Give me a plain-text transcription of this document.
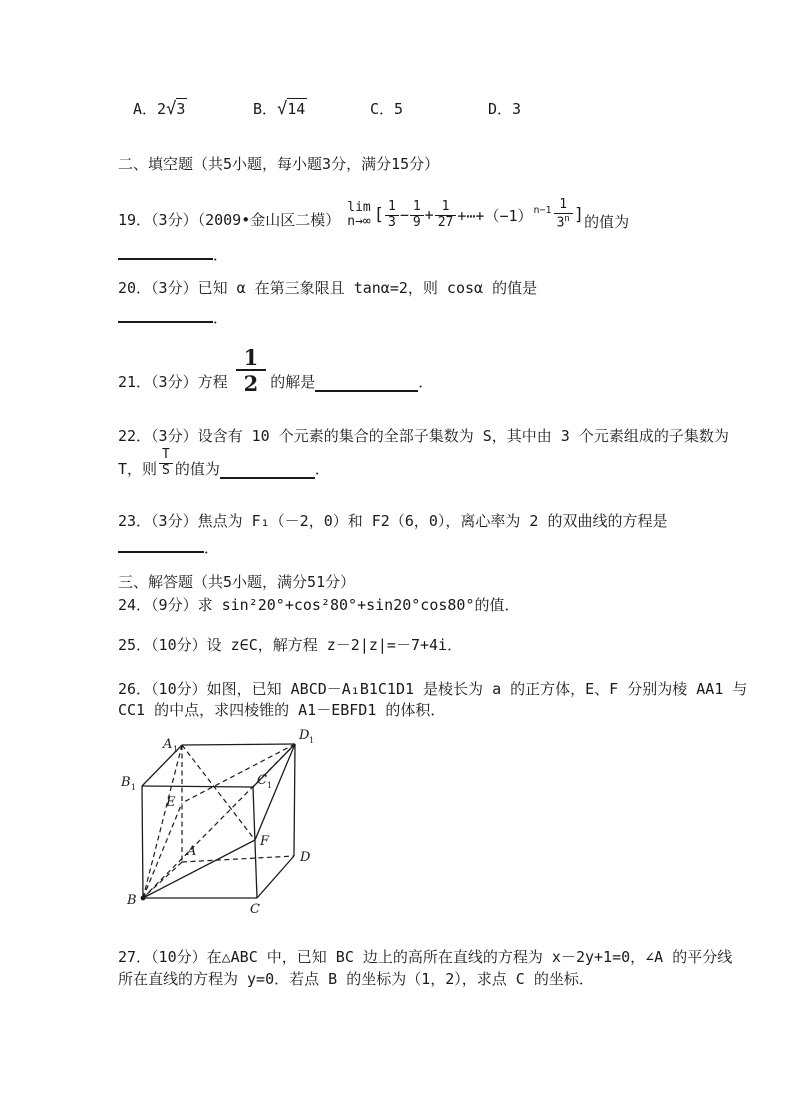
A．2√3	B．√14	C．5	D．3
二、填空题（共5小题，每小题3分，满分15分）
19．（3分）（2009•金山区二模）
lim
n→∞ [ $\frac{1}{3} - \frac{1}{9} + \frac{1}{27}$ +⋯+（−1） $n-1 \frac{1}{3^n}$ ] 的值为
．
20．（3分）已知 α 在第三象限且 tanα=2，则 cosα 的值是
．
21．（3分）方程 $\frac{1}{2}$ 的解是	．
22．（3分）设含有 10 个元素的集合的全部子集数为 S，其中由 3 个元素组成的子集数为
T，则 $\frac{T}{S}$ 的值为	．
23．（3分）焦点为 F₁（－2，0）和 F2（6，0），离心率为 2 的双曲线的方程是
．
三、解答题（共5小题，满分51分）
24．（9分）求 sin²20°+cos²80°+sin20°cos80°的值．
25．（10分）设 z∈C，解方程 z－2|z|=－7+4i．
26．（10分）如图，已知 ABCD－A₁B1C1D1 是棱长为 a 的正方体，E、F 分别为棱 AA1 与
CC1 的中点，求四棱锥的 A1－EBFD1 的体积．
A 1
D 1
B 1	C 1
E
A
F
D
B
C
27．（10分）在△ABC 中，已知 BC 边上的高所在直线的方程为 x－2y+1=0，∠A 的平分线
所在直线的方程为 y=0．若点 B 的坐标为（1，2），求点 C 的坐标．
